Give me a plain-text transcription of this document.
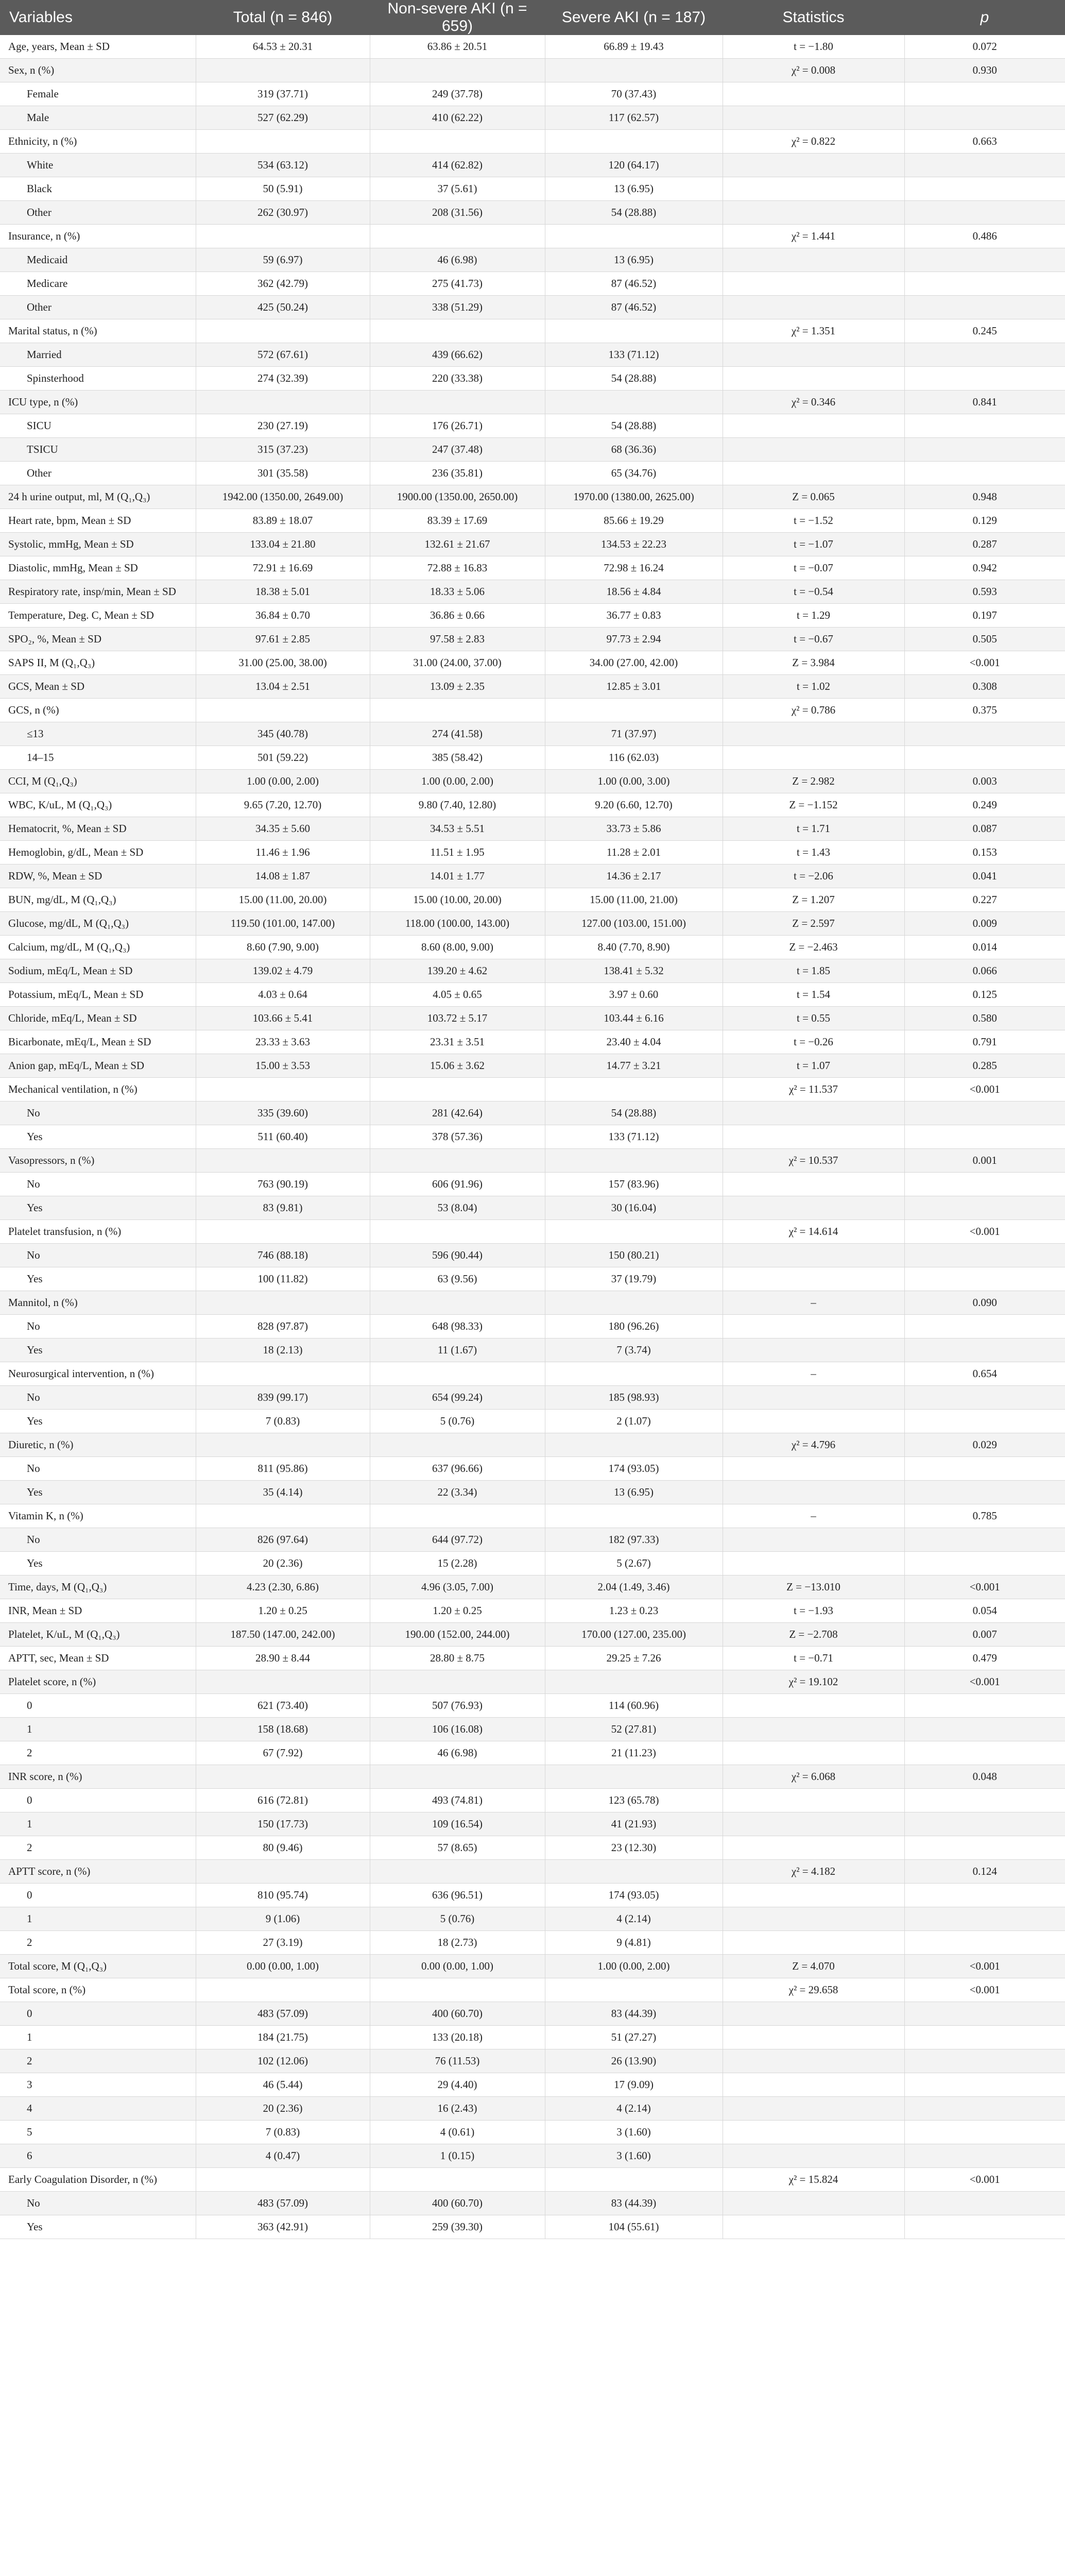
Variables	Total (n = 846)	Non-severe AKI (n = 659)	Severe AKI (n = 187)	Statistics	p
Age, years, Mean ± SD	64.53 ± 20.31	63.86 ± 20.51	66.89 ± 19.43	t = −1.80	0.072
Sex, n (%)				χ² = 0.008	0.930
Female	319 (37.71)	249 (37.78)	70 (37.43)		
Male	527 (62.29)	410 (62.22)	117 (62.57)		
Ethnicity, n (%)				χ² = 0.822	0.663
White	534 (63.12)	414 (62.82)	120 (64.17)		
Black	50 (5.91)	37 (5.61)	13 (6.95)		
Other	262 (30.97)	208 (31.56)	54 (28.88)		
Insurance, n (%)				χ² = 1.441	0.486
Medicaid	59 (6.97)	46 (6.98)	13 (6.95)		
Medicare	362 (42.79)	275 (41.73)	87 (46.52)		
Other	425 (50.24)	338 (51.29)	87 (46.52)		
Marital status, n (%)				χ² = 1.351	0.245
Married	572 (67.61)	439 (66.62)	133 (71.12)		
Spinsterhood	274 (32.39)	220 (33.38)	54 (28.88)		
ICU type, n (%)				χ² = 0.346	0.841
SICU	230 (27.19)	176 (26.71)	54 (28.88)		
TSICU	315 (37.23)	247 (37.48)	68 (36.36)		
Other	301 (35.58)	236 (35.81)	65 (34.76)		
24 h urine output, ml, M (Q₁,Q₃)	1942.00 (1350.00, 2649.00)	1900.00 (1350.00, 2650.00)	1970.00 (1380.00, 2625.00)	Z = 0.065	0.948
Heart rate, bpm, Mean ± SD	83.89 ± 18.07	83.39 ± 17.69	85.66 ± 19.29	t = −1.52	0.129
Systolic, mmHg, Mean ± SD	133.04 ± 21.80	132.61 ± 21.67	134.53 ± 22.23	t = −1.07	0.287
Diastolic, mmHg, Mean ± SD	72.91 ± 16.69	72.88 ± 16.83	72.98 ± 16.24	t = −0.07	0.942
Respiratory rate, insp/min, Mean ± SD	18.38 ± 5.01	18.33 ± 5.06	18.56 ± 4.84	t = −0.54	0.593
Temperature, Deg. C, Mean ± SD	36.84 ± 0.70	36.86 ± 0.66	36.77 ± 0.83	t = 1.29	0.197
SPO₂, %, Mean ± SD	97.61 ± 2.85	97.58 ± 2.83	97.73 ± 2.94	t = −0.67	0.505
SAPS II, M (Q₁,Q₃)	31.00 (25.00, 38.00)	31.00 (24.00, 37.00)	34.00 (27.00, 42.00)	Z = 3.984	<0.001
GCS, Mean ± SD	13.04 ± 2.51	13.09 ± 2.35	12.85 ± 3.01	t = 1.02	0.308
GCS, n (%)				χ² = 0.786	0.375
≤13	345 (40.78)	274 (41.58)	71 (37.97)		
14–15	501 (59.22)	385 (58.42)	116 (62.03)		
CCI, M (Q₁,Q₃)	1.00 (0.00, 2.00)	1.00 (0.00, 2.00)	1.00 (0.00, 3.00)	Z = 2.982	0.003
WBC, K/uL, M (Q₁,Q₃)	9.65 (7.20, 12.70)	9.80 (7.40, 12.80)	9.20 (6.60, 12.70)	Z = −1.152	0.249
Hematocrit, %, Mean ± SD	34.35 ± 5.60	34.53 ± 5.51	33.73 ± 5.86	t = 1.71	0.087
Hemoglobin, g/dL, Mean ± SD	11.46 ± 1.96	11.51 ± 1.95	11.28 ± 2.01	t = 1.43	0.153
RDW, %, Mean ± SD	14.08 ± 1.87	14.01 ± 1.77	14.36 ± 2.17	t = −2.06	0.041
BUN, mg/dL, M (Q₁,Q₃)	15.00 (11.00, 20.00)	15.00 (10.00, 20.00)	15.00 (11.00, 21.00)	Z = 1.207	0.227
Glucose, mg/dL, M (Q₁,Q₃)	119.50 (101.00, 147.00)	118.00 (100.00, 143.00)	127.00 (103.00, 151.00)	Z = 2.597	0.009
Calcium, mg/dL, M (Q₁,Q₃)	8.60 (7.90, 9.00)	8.60 (8.00, 9.00)	8.40 (7.70, 8.90)	Z = −2.463	0.014
Sodium, mEq/L, Mean ± SD	139.02 ± 4.79	139.20 ± 4.62	138.41 ± 5.32	t = 1.85	0.066
Potassium, mEq/L, Mean ± SD	4.03 ± 0.64	4.05 ± 0.65	3.97 ± 0.60	t = 1.54	0.125
Chloride, mEq/L, Mean ± SD	103.66 ± 5.41	103.72 ± 5.17	103.44 ± 6.16	t = 0.55	0.580
Bicarbonate, mEq/L, Mean ± SD	23.33 ± 3.63	23.31 ± 3.51	23.40 ± 4.04	t = −0.26	0.791
Anion gap, mEq/L, Mean ± SD	15.00 ± 3.53	15.06 ± 3.62	14.77 ± 3.21	t = 1.07	0.285
Mechanical ventilation, n (%)				χ² = 11.537	<0.001
No	335 (39.60)	281 (42.64)	54 (28.88)		
Yes	511 (60.40)	378 (57.36)	133 (71.12)		
Vasopressors, n (%)				χ² = 10.537	0.001
No	763 (90.19)	606 (91.96)	157 (83.96)		
Yes	83 (9.81)	53 (8.04)	30 (16.04)		
Platelet transfusion, n (%)				χ² = 14.614	<0.001
No	746 (88.18)	596 (90.44)	150 (80.21)		
Yes	100 (11.82)	63 (9.56)	37 (19.79)		
Mannitol, n (%)				–	0.090
No	828 (97.87)	648 (98.33)	180 (96.26)		
Yes	18 (2.13)	11 (1.67)	7 (3.74)		
Neurosurgical intervention, n (%)				–	0.654
No	839 (99.17)	654 (99.24)	185 (98.93)		
Yes	7 (0.83)	5 (0.76)	2 (1.07)		
Diuretic, n (%)				χ² = 4.796	0.029
No	811 (95.86)	637 (96.66)	174 (93.05)		
Yes	35 (4.14)	22 (3.34)	13 (6.95)		
Vitamin K, n (%)				–	0.785
No	826 (97.64)	644 (97.72)	182 (97.33)		
Yes	20 (2.36)	15 (2.28)	5 (2.67)		
Time, days, M (Q₁,Q₃)	4.23 (2.30, 6.86)	4.96 (3.05, 7.00)	2.04 (1.49, 3.46)	Z = −13.010	<0.001
INR, Mean ± SD	1.20 ± 0.25	1.20 ± 0.25	1.23 ± 0.23	t = −1.93	0.054
Platelet, K/uL, M (Q₁,Q₃)	187.50 (147.00, 242.00)	190.00 (152.00, 244.00)	170.00 (127.00, 235.00)	Z = −2.708	0.007
APTT, sec, Mean ± SD	28.90 ± 8.44	28.80 ± 8.75	29.25 ± 7.26	t = −0.71	0.479
Platelet score, n (%)				χ² = 19.102	<0.001
0	621 (73.40)	507 (76.93)	114 (60.96)		
1	158 (18.68)	106 (16.08)	52 (27.81)		
2	67 (7.92)	46 (6.98)	21 (11.23)		
INR score, n (%)				χ² = 6.068	0.048
0	616 (72.81)	493 (74.81)	123 (65.78)		
1	150 (17.73)	109 (16.54)	41 (21.93)		
2	80 (9.46)	57 (8.65)	23 (12.30)		
APTT score, n (%)				χ² = 4.182	0.124
0	810 (95.74)	636 (96.51)	174 (93.05)		
1	9 (1.06)	5 (0.76)	4 (2.14)		
2	27 (3.19)	18 (2.73)	9 (4.81)		
Total score, M (Q₁,Q₃)	0.00 (0.00, 1.00)	0.00 (0.00, 1.00)	1.00 (0.00, 2.00)	Z = 4.070	<0.001
Total score, n (%)				χ² = 29.658	<0.001
0	483 (57.09)	400 (60.70)	83 (44.39)		
1	184 (21.75)	133 (20.18)	51 (27.27)		
2	102 (12.06)	76 (11.53)	26 (13.90)		
3	46 (5.44)	29 (4.40)	17 (9.09)		
4	20 (2.36)	16 (2.43)	4 (2.14)		
5	7 (0.83)	4 (0.61)	3 (1.60)		
6	4 (0.47)	1 (0.15)	3 (1.60)		
Early Coagulation Disorder, n (%)				χ² = 15.824	<0.001
No	483 (57.09)	400 (60.70)	83 (44.39)		
Yes	363 (42.91)	259 (39.30)	104 (55.61)		
